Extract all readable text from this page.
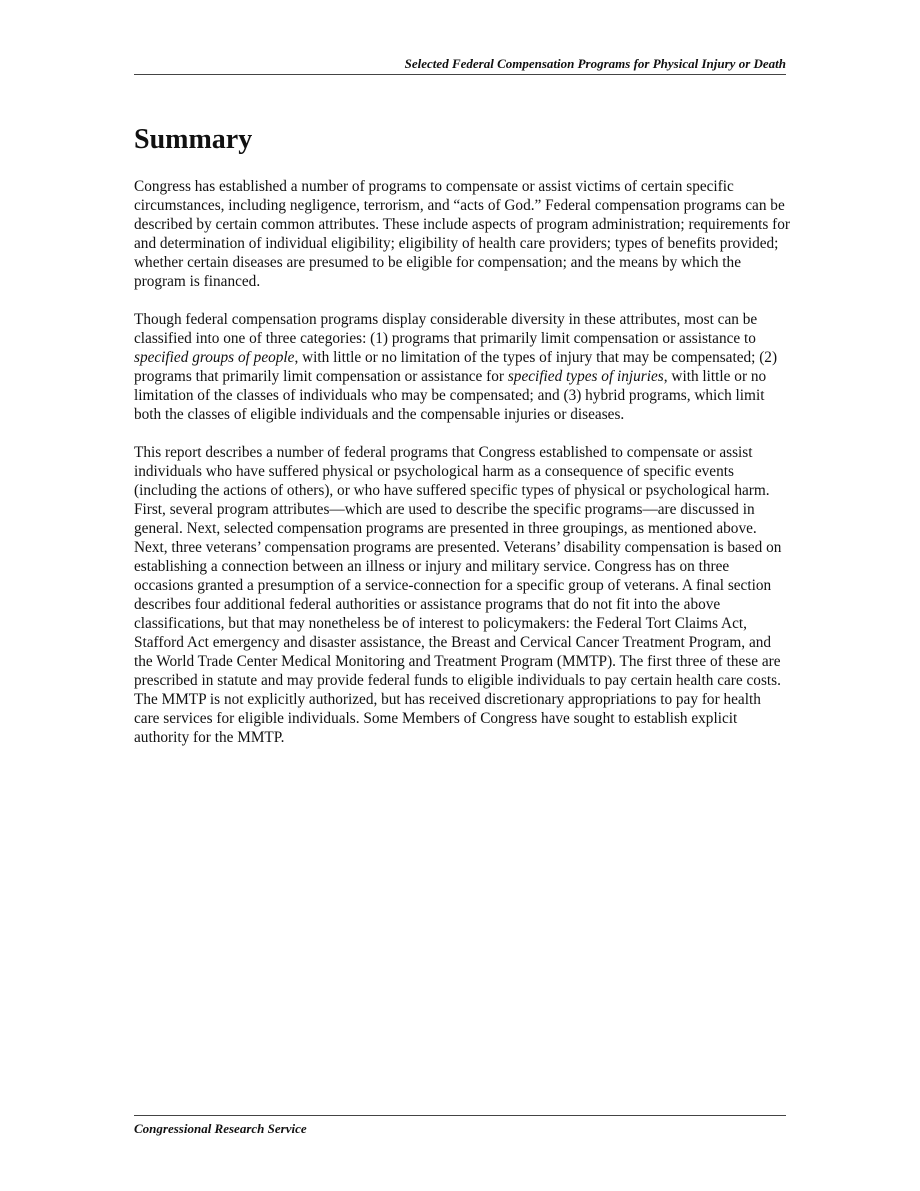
Selected Federal Compensation Programs for Physical Injury or Death
Summary

Congress has established a number of programs to compensate or assist victims of certain specific circumstances, including negligence, terrorism, and “acts of God.” Federal compensation programs can be described by certain common attributes. These include aspects of program administration; requirements for and determination of individual eligibility; eligibility of health care providers; types of benefits provided; whether certain diseases are presumed to be eligible for compensation; and the means by which the program is financed.

Though federal compensation programs display considerable diversity in these attributes, most can be classified into one of three categories: (1) programs that primarily limit compensation or assistance to specified groups of people, with little or no limitation of the types of injury that may be compensated; (2) programs that primarily limit compensation or assistance for specified types of injuries, with little or no limitation of the classes of individuals who may be compensated; and (3) hybrid programs, which limit both the classes of eligible individuals and the compensable injuries or diseases.

This report describes a number of federal programs that Congress established to compensate or assist individuals who have suffered physical or psychological harm as a consequence of specific events (including the actions of others), or who have suffered specific types of physical or psychological harm. First, several program attributes—which are used to describe the specific programs—are discussed in general. Next, selected compensation programs are presented in three groupings, as mentioned above. Next, three veterans’ compensation programs are presented. Veterans’ disability compensation is based on establishing a connection between an illness or injury and military service. Congress has on three occasions granted a presumption of a service-connection for a specific group of veterans. A final section describes four additional federal authorities or assistance programs that do not fit into the above classifications, but that may nonetheless be of interest to policymakers: the Federal Tort Claims Act, Stafford Act emergency and disaster assistance, the Breast and Cervical Cancer Treatment Program, and the World Trade Center Medical Monitoring and Treatment Program (MMTP). The first three of these are prescribed in statute and may provide federal funds to eligible individuals to pay certain health care costs. The MMTP is not explicitly authorized, but has received discretionary appropriations to pay for health care services for eligible individuals. Some Members of Congress have sought to establish explicit authority for the MMTP.

Congressional Research Service
